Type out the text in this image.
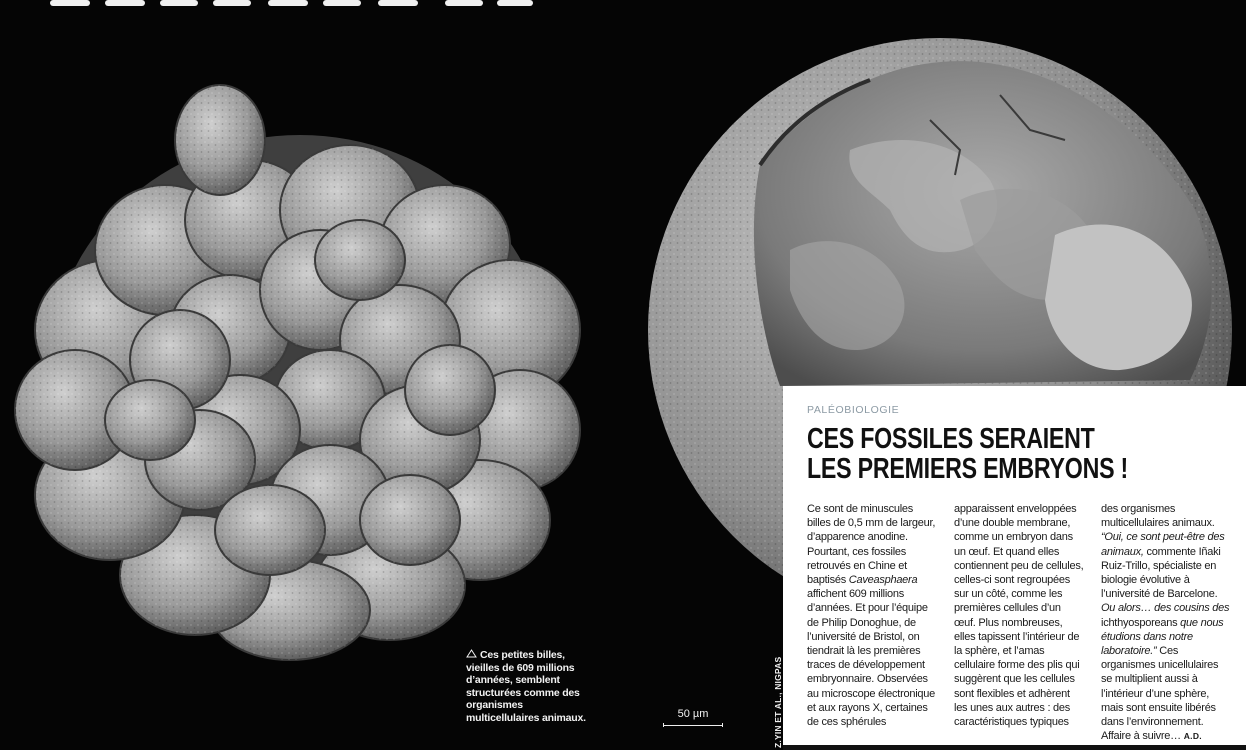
Ces petites billes, vieilles de 609 millions d’années, semblent structurées comme des organismes multicellulaires animaux.	50 µm	Z.YIN ET AL., NIGPAS
PALÉOBIOLOGIE
CES FOSSILES SERAIENT
LES PREMIERS EMBRYONS !

Ce sont de minuscules billes de 0,5 mm de largeur, d’apparence anodine. Pourtant, ces fossiles retrouvés en Chine et baptisés Caveasphaera affichent 609 millions d’années. Et pour l’équipe de Philip Donoghue, de l’université de Bristol, on tiendrait là les premières traces de développement embryonnaire. Observées au microscope électronique et aux rayons X, certaines de ces sphérules

apparaissent enveloppées d’une double membrane, comme un embryon dans un œuf. Et quand elles contiennent peu de cellules, celles-ci sont regroupées sur un côté, comme les premières cellules d’un œuf. Plus nombreuses, elles tapissent l’intérieur de la sphère, et l’amas cellulaire forme des plis qui suggèrent que les cellules sont flexibles et adhèrent les unes aux autres : des caractéristiques typiques

des organismes multicellulaires animaux. “Oui, ce sont peut-être des animaux, commente Iñaki Ruiz-Trillo, spécialiste en biologie évolutive à l’université de Barcelone. Ou alors… des cousins des ichthyosporeans que nous étudions dans notre laboratoire.” Ces organismes unicellulaires se multiplient aussi à l’intérieur d’une sphère, mais sont ensuite libérés dans l’environnement. Affaire à suivre… A.D.
